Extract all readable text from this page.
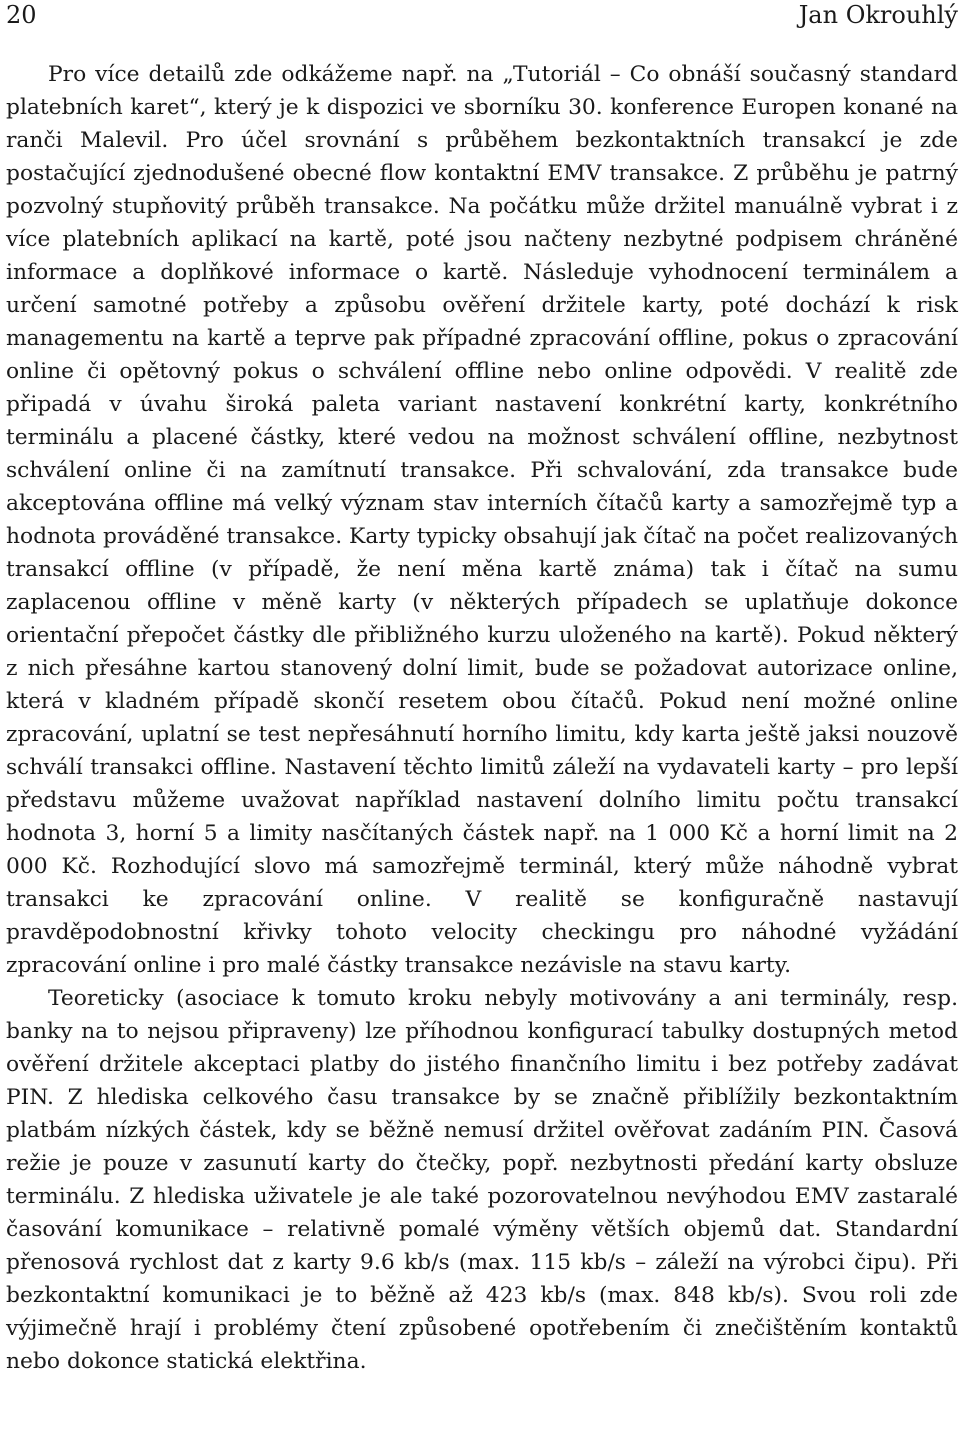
20	Jan Okrouhlý

Pro více detailů zde odkážeme např. na „Tutoriál – Co obnáší současný standard platebních karet“, který je k dispozici ve sborníku 30. konference Europen konané na ranči Malevil. Pro účel srovnání s průběhem bezkontaktních transakcí je zde postačující zjednodušené obecné flow kontaktní EMV transakce. Z průběhu je patrný pozvolný stupňovitý průběh transakce. Na počátku může držitel manuálně vybrat i z více platebních aplikací na kartě, poté jsou načteny nezbytné podpisem chráněné informace a doplňkové informace o kartě. Následuje vyhodnocení terminálem a určení samotné potřeby a způsobu ověření držitele karty, poté dochází k risk managementu na kartě a teprve pak případné zpracování offline, pokus o zpracování online či opětovný pokus o schválení offline nebo online odpovědi. V realitě zde připadá v úvahu široká paleta variant nastavení konkrétní karty, konkrétního terminálu a placené částky, které vedou na možnost schválení offline, nezbytnost schválení online či na zamítnutí transakce. Při schvalování, zda transakce bude akceptována offline má velký význam stav interních čítačů karty a samozřejmě typ a hodnota prováděné transakce. Karty typicky obsahují jak čítač na počet realizovaných transakcí offline (v případě, že není měna kartě známa) tak i čítač na sumu zaplacenou offline v měně karty (v některých případech se uplatňuje dokonce orientační přepočet částky dle přibližného kurzu uloženého na kartě). Pokud některý z nich přesáhne kartou stanovený dolní limit, bude se požadovat autorizace online, která v kladném případě skončí resetem obou čítačů. Pokud není možné online zpracování, uplatní se test nepřesáhnutí horního limitu, kdy karta ještě jaksi nouzově schválí transakci offline. Nastavení těchto limitů záleží na vydavateli karty – pro lepší představu můžeme uvažovat například nastavení dolního limitu počtu transakcí hodnota 3, horní 5 a limity nasčítaných částek např. na 1 000 Kč a horní limit na 2 000 Kč. Rozhodující slovo má samozřejmě terminál, který může náhodně vybrat transakci ke zpracování online. V realitě se konfiguračně nastavují pravděpodobnostní křivky tohoto velocity checkingu pro náhodné vyžádání zpracování online i pro malé částky transakce nezávisle na stavu karty.

Teoreticky (asociace k tomuto kroku nebyly motivovány a ani terminály, resp. banky na to nejsou připraveny) lze příhodnou konfigurací tabulky dostupných metod ověření držitele akceptaci platby do jistého finančního limitu i bez potřeby zadávat PIN. Z hlediska celkového času transakce by se značně přiblížily bezkontaktním platbám nízkých částek, kdy se běžně nemusí držitel ověřovat zadáním PIN. Časová režie je pouze v zasunutí karty do čtečky, popř. nezbytnosti předání karty obsluze terminálu. Z hlediska uživatele je ale také pozorovatelnou nevýhodou EMV zastaralé časování komunikace – relativně pomalé výměny větších objemů dat. Standardní přenosová rychlost dat z karty 9.6 kb/s (max. 115 kb/s – záleží na výrobci čipu). Při bezkontaktní komunikaci je to běžně až 423 kb/s (max. 848 kb/s). Svou roli zde výjimečně hrají i problémy čtení způsobené opotřebením či znečištěním kontaktů nebo dokonce statická elektřina.
